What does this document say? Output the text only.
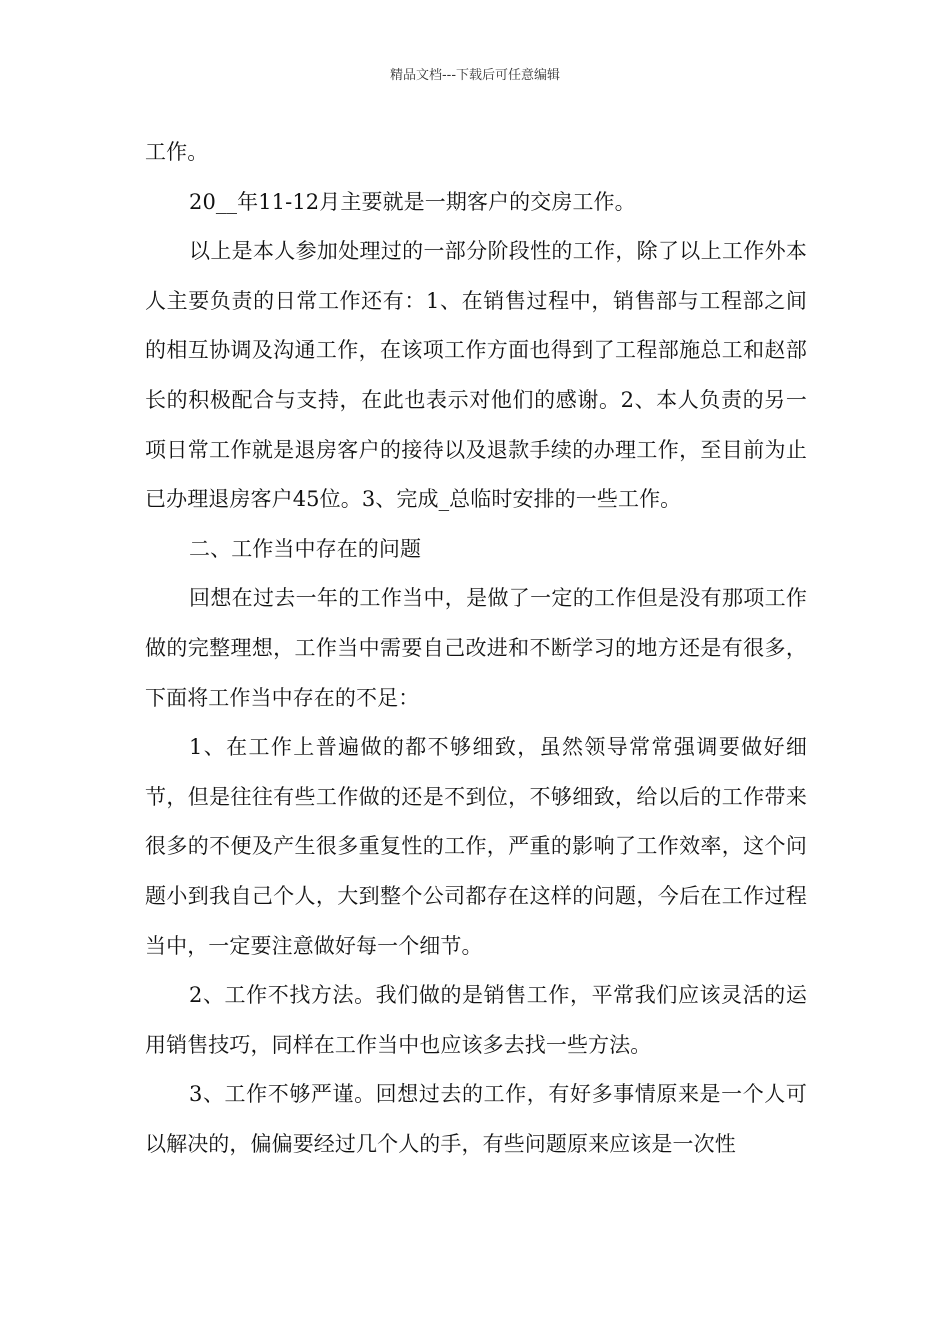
精品文档---下载后可任意编辑

工作。

20__年11-12月主要就是一期客户的交房工作。

以上是本人参加处理过的一部分阶段性的工作，除了以上工作外本人主要负责的日常工作还有：1、在销售过程中，销售部与工程部之间的相互协调及沟通工作，在该项工作方面也得到了工程部施总工和赵部长的积极配合与支持，在此也表示对他们的感谢。2、本人负责的另一项日常工作就是退房客户的接待以及退款手续的办理工作，至目前为止已办理退房客户45位。3、完成_总临时安排的一些工作。

二、工作当中存在的问题

回想在过去一年的工作当中，是做了一定的工作但是没有那项工作做的完整理想，工作当中需要自己改进和不断学习的地方还是有很多，下面将工作当中存在的不足：

1、在工作上普遍做的都不够细致，虽然领导常常强调要做好细节，但是往往有些工作做的还是不到位，不够细致，给以后的工作带来很多的不便及产生很多重复性的工作，严重的影响了工作效率，这个问题小到我自己个人，大到整个公司都存在这样的问题，今后在工作过程当中，一定要注意做好每一个细节。

2、工作不找方法。我们做的是销售工作，平常我们应该灵活的运用销售技巧，同样在工作当中也应该多去找一些方法。

3、工作不够严谨。回想过去的工作，有好多事情原来是一个人可以解决的，偏偏要经过几个人的手，有些问题原来应该是一次性
